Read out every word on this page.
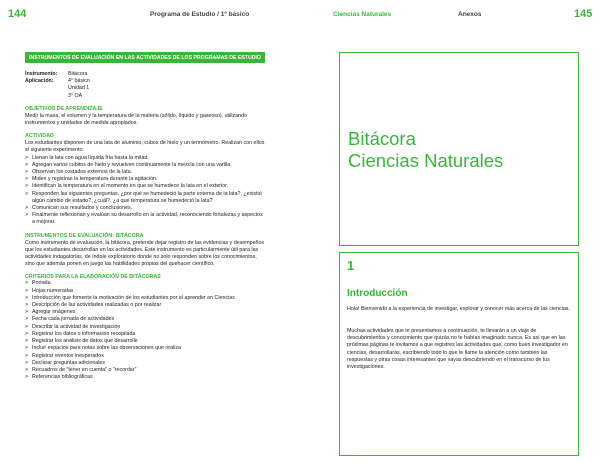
144	Programa de Estudio / 1º básico	Ciencias Naturales	Anexos	145
INSTRUMENTOS DE EVALUACIÓN EN LAS ACTIVIDADES DE LOS PROGRAMAS DE ESTUDIO
Instrumento:	Bitácora
Aplicación:	4° básico
Unidad 1
3° OA
OBJETIVOS DE APRENDIZAJE

Medir la masa, el volumen y la temperatura de la materia (sólido, líquido y gaseoso), utilizando instrumentos y unidades de medida apropiados.

ACTIVIDAD

Los estudiantes disponen de una lata de aluminio, cubos de hielo y un termómetro. Realizan con ellos el siguiente experimento:

> Llenan la lata con agua líquida fría hasta la mitad.
> Agregan varios cubitos de hielo y revuelven continuamente la mezcla con una varilla.
> Observan los costados externos de la lata.
> Miden y registran la temperatura durante la agitación.
> Identifican la temperatura en el momento en que se humedece la lata en el exterior.
> Responden las siguientes preguntas, ¿por qué se humedeció la parte externa de la lata?, ¿existió algún cambio de estado?, ¿cuál?, ¿a qué temperatura se humedeció la lata?
> Comunican sus resultados y conclusiones.
> Finalmente reflexionan y evalúan su desarrollo en la actividad, reconociendo fortalezas y aspectos a mejorar.
INSTRUMENTOS DE EVALUACIÓN: BITÁCORA

Como instrumento de evaluación, la bitácora, pretende dejar registro de las evidencias y desempeños que los estudiantes desarrollan en las actividades. Este instrumento es particularmente útil para las actividades indagatorias, de índole exploratorio donde no solo responden sobre los conocimientos, sino que además ponen en juego las habilidades propias del quehacer científico.

CRITERIOS PARA LA ELABORACIÓN DE BITÁCORAS
> Portada
> Hojas numeradas
> Introducción que fomente la motivación de los estudiantes por el aprender en Ciencias
> Descripción de las actividades realizadas o por realizar
> Agregar imágenes
> Fecha cada jornada de actividades
> Describir la actividad de investigación
> Registrar los datos o información recopilada
> Registrar los análisis de datos que desarrolle
> Incluir espacios para notas sobre las observaciones que realiza
> Registrar eventos inesperados
> Declarar preguntas adicionales
> Recuadros de "tener en cuenta" o "recordar"
> Referencias bibliográficas
Bitácora
Ciencias Naturales
1
Introducción

Hola! Bienvenido a la experiencia de investigar, explorar y conocer más acerca de las ciencias.

Muchas actividades que te presentamos a continuación, te llevarán a un viaje de descubrimientos y conocimiento que quizás no te habías imaginado nunca. Es así que en las próximas páginas te invitamos a que registres las actividades que, como buen investigador en ciencias, desarrollarás, escribiendo todo lo que te llame la atención como también las respuestas y otras cosas interesantes que vayas descubriendo en el transcurso de tus investigaciones.
